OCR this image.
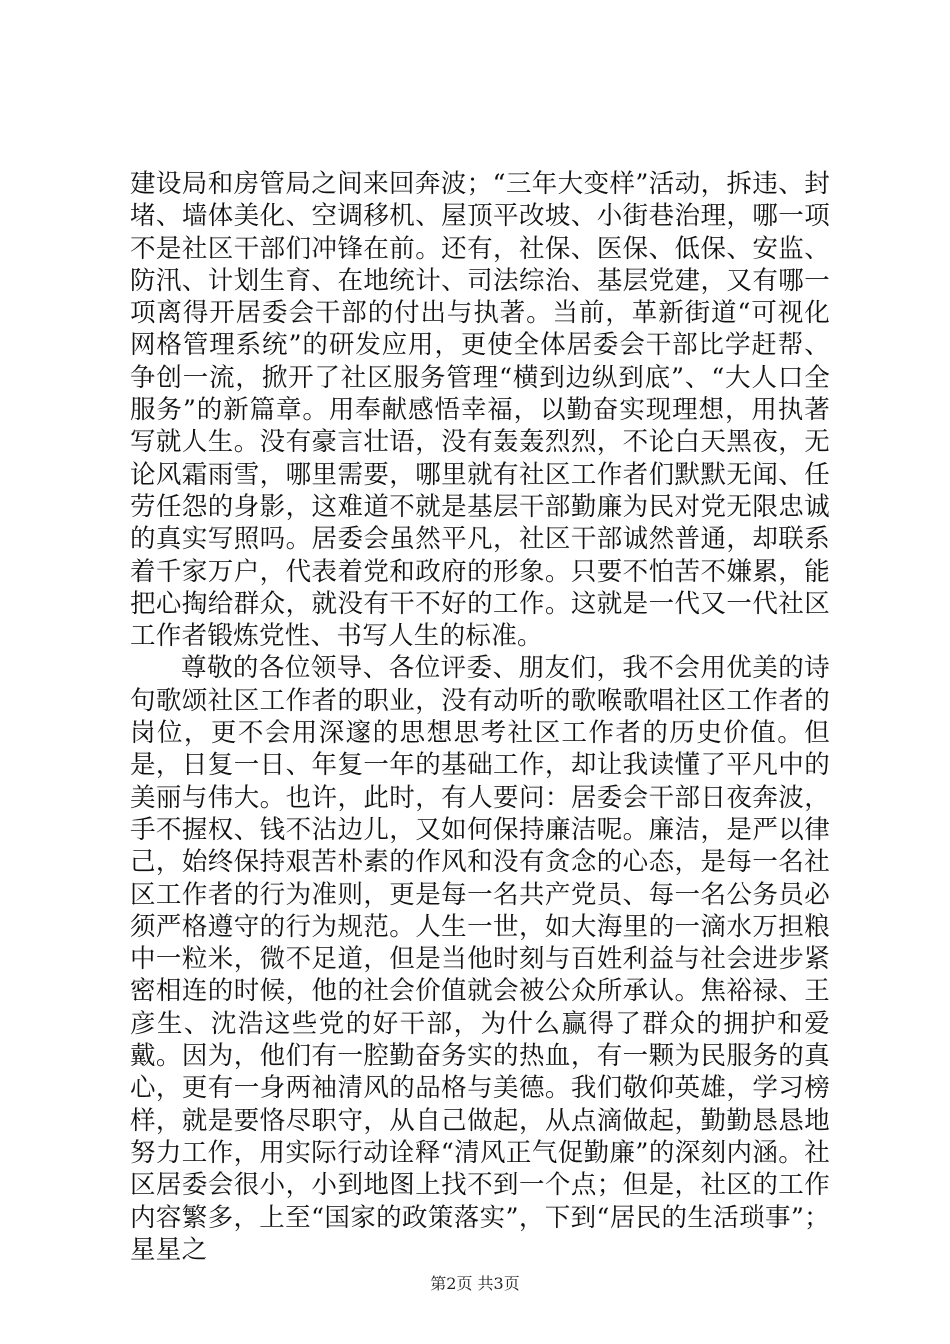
建设局和房管局之间来回奔波；“三年大变样”活动，拆违、封堵、墙体美化、空调移机、屋顶平改坡、小街巷治理，哪一项不是社区干部们冲锋在前。还有，社保、医保、低保、安监、防汛、计划生育、在地统计、司法综治、基层党建，又有哪一项离得开居委会干部的付出与执著。当前，革新街道“可视化网格管理系统”的研发应用，更使全体居委会干部比学赶帮、争创一流，掀开了社区服务管理“横到边纵到底”、“大人口全服务”的新篇章。用奉献感悟幸福，以勤奋实现理想，用执著写就人生。没有豪言壮语，没有轰轰烈烈，不论白天黑夜，无论风霜雨雪，哪里需要，哪里就有社区工作者们默默无闻、任劳任怨的身影，这难道不就是基层干部勤廉为民对党无限忠诚的真实写照吗。居委会虽然平凡，社区干部诚然普通，却联系着千家万户，代表着党和政府的形象。只要不怕苦不嫌累，能把心掏给群众，就没有干不好的工作。这就是一代又一代社区工作者锻炼党性、书写人生的标准。

尊敬的各位领导、各位评委、朋友们，我不会用优美的诗句歌颂社区工作者的职业，没有动听的歌喉歌唱社区工作者的岗位，更不会用深邃的思想思考社区工作者的历史价值。但是，日复一日、年复一年的基础工作，却让我读懂了平凡中的美丽与伟大。也许，此时，有人要问：居委会干部日夜奔波，手不握权、钱不沾边儿，又如何保持廉洁呢。廉洁，是严以律己，始终保持艰苦朴素的作风和没有贪念的心态，是每一名社区工作者的行为准则，更是每一名共产党员、每一名公务员必须严格遵守的行为规范。人生一世，如大海里的一滴水万担粮中一粒米，微不足道，但是当他时刻与百姓利益与社会进步紧密相连的时候，他的社会价值就会被公众所承认。焦裕禄、王彦生、沈浩这些党的好干部，为什么赢得了群众的拥护和爱戴。因为，他们有一腔勤奋务实的热血，有一颗为民服务的真心，更有一身两袖清风的品格与美德。我们敬仰英雄，学习榜样，就是要恪尽职守，从自己做起，从点滴做起，勤勤恳恳地努力工作，用实际行动诠释“清风正气促勤廉”的深刻内涵。社区居委会很小，小到地图上找不到一个点；但是，社区的工作内容繁多，上至“国家的政策落实”，下到“居民的生活琐事”；星星之

第2页 共3页
